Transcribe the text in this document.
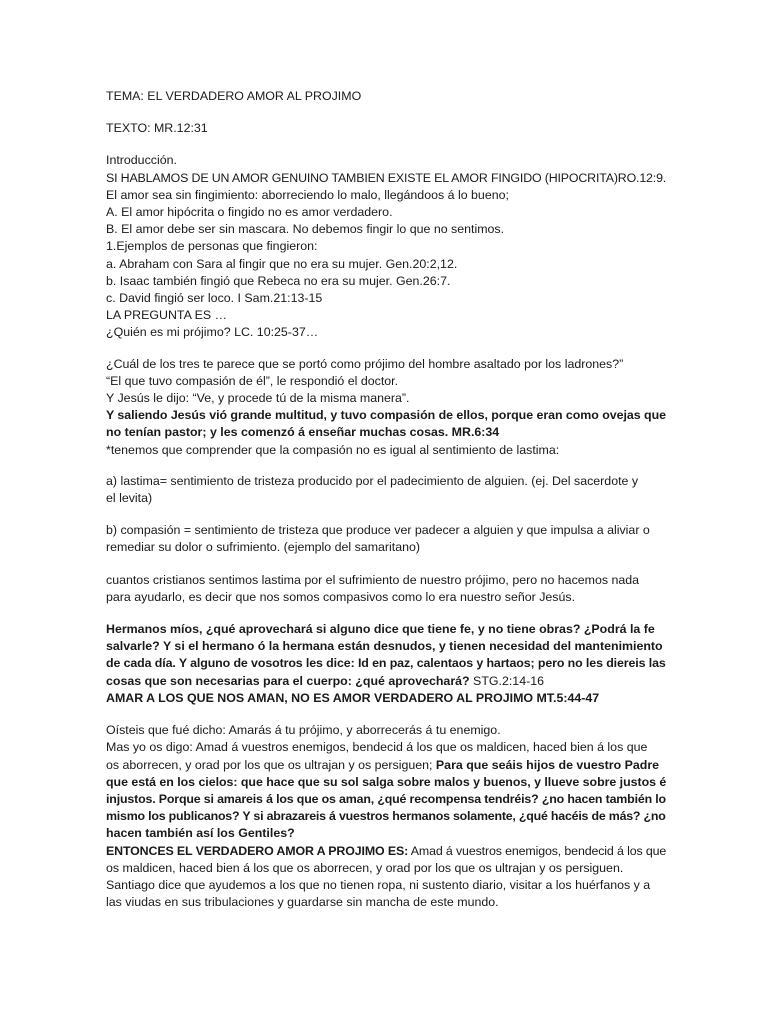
TEMA: EL VERDADERO AMOR AL PROJIMO
TEXTO: MR.12:31
Introducción.
SI HABLAMOS DE UN AMOR GENUINO TAMBIEN EXISTE EL AMOR FINGIDO (HIPOCRITA)RO.12:9.
El amor sea sin fingimiento: aborreciendo lo malo, llegándoos á lo bueno;
A. El amor hipócrita o fingido no es amor verdadero.
B. El amor debe ser sin mascara. No debemos fingir lo que no sentimos.
1.Ejemplos de personas que fingieron:
a. Abraham con Sara al fingir que no era su mujer. Gen.20:2,12.
b. Isaac también fingió que Rebeca no era su mujer. Gen.26:7.
c. David fingió ser loco. I Sam.21:13-15
LA PREGUNTA ES …
¿Quién es mi prójimo? LC. 10:25-37…
¿Cuál de los tres te parece que se portó como prójimo del hombre asaltado por los ladrones?”
“El que tuvo compasión de él”, le respondió el doctor.
Y Jesús le dijo: “Ve, y procede tú de la misma manera”.
Y saliendo Jesús vió grande multitud, y tuvo compasión de ellos, porque eran como ovejas que
no tenían pastor; y les comenzó á enseñar muchas cosas. MR.6:34
*tenemos que comprender que la compasión no es igual al sentimiento de lastima:
a) lastima= sentimiento de tristeza producido por el padecimiento de alguien. (ej. Del sacerdote y
el levita)
b) compasión = sentimiento de tristeza que produce ver padecer a alguien y que impulsa a aliviar o
remediar su dolor o sufrimiento. (ejemplo del samaritano)
cuantos cristianos sentimos lastima por el sufrimiento de nuestro prójimo, pero no hacemos nada
para ayudarlo, es decir que nos somos compasivos como lo era nuestro señor Jesús.
Hermanos míos, ¿qué aprovechará si alguno dice que tiene fe, y no tiene obras? ¿Podrá la fe
salvarle? Y si el hermano ó la hermana están desnudos, y tienen necesidad del mantenimiento
de cada día. Y alguno de vosotros les dice: Id en paz, calentaos y hartaos; pero no les diereis las
cosas que son necesarias para el cuerpo: ¿qué aprovechará? STG.2:14-16
AMAR A LOS QUE NOS AMAN, NO ES AMOR VERDADERO AL PROJIMO MT.5:44-47
Oísteis que fué dicho: Amarás á tu prójimo, y aborrecerás á tu enemigo.
Mas yo os digo: Amad á vuestros enemigos, bendecid á los que os maldicen, haced bien á los que
os aborrecen, y orad por los que os ultrajan y os persiguen; Para que seáis hijos de vuestro Padre
que está en los cielos: que hace que su sol salga sobre malos y buenos, y llueve sobre justos é
injustos. Porque si amareis á los que os aman, ¿qué recompensa tendréis? ¿no hacen también lo
mismo los publicanos? Y si abrazareis á vuestros hermanos solamente, ¿qué hacéis de más? ¿no
hacen también así los Gentiles?
ENTONCES EL VERDADERO AMOR A PROJIMO ES: Amad á vuestros enemigos, bendecid á los que
os maldicen, haced bien á los que os aborrecen, y orad por los que os ultrajan y os persiguen.
Santiago dice que ayudemos a los que no tienen ropa, ni sustento diario, visitar a los huérfanos y a
las viudas en sus tribulaciones y guardarse sin mancha de este mundo.
